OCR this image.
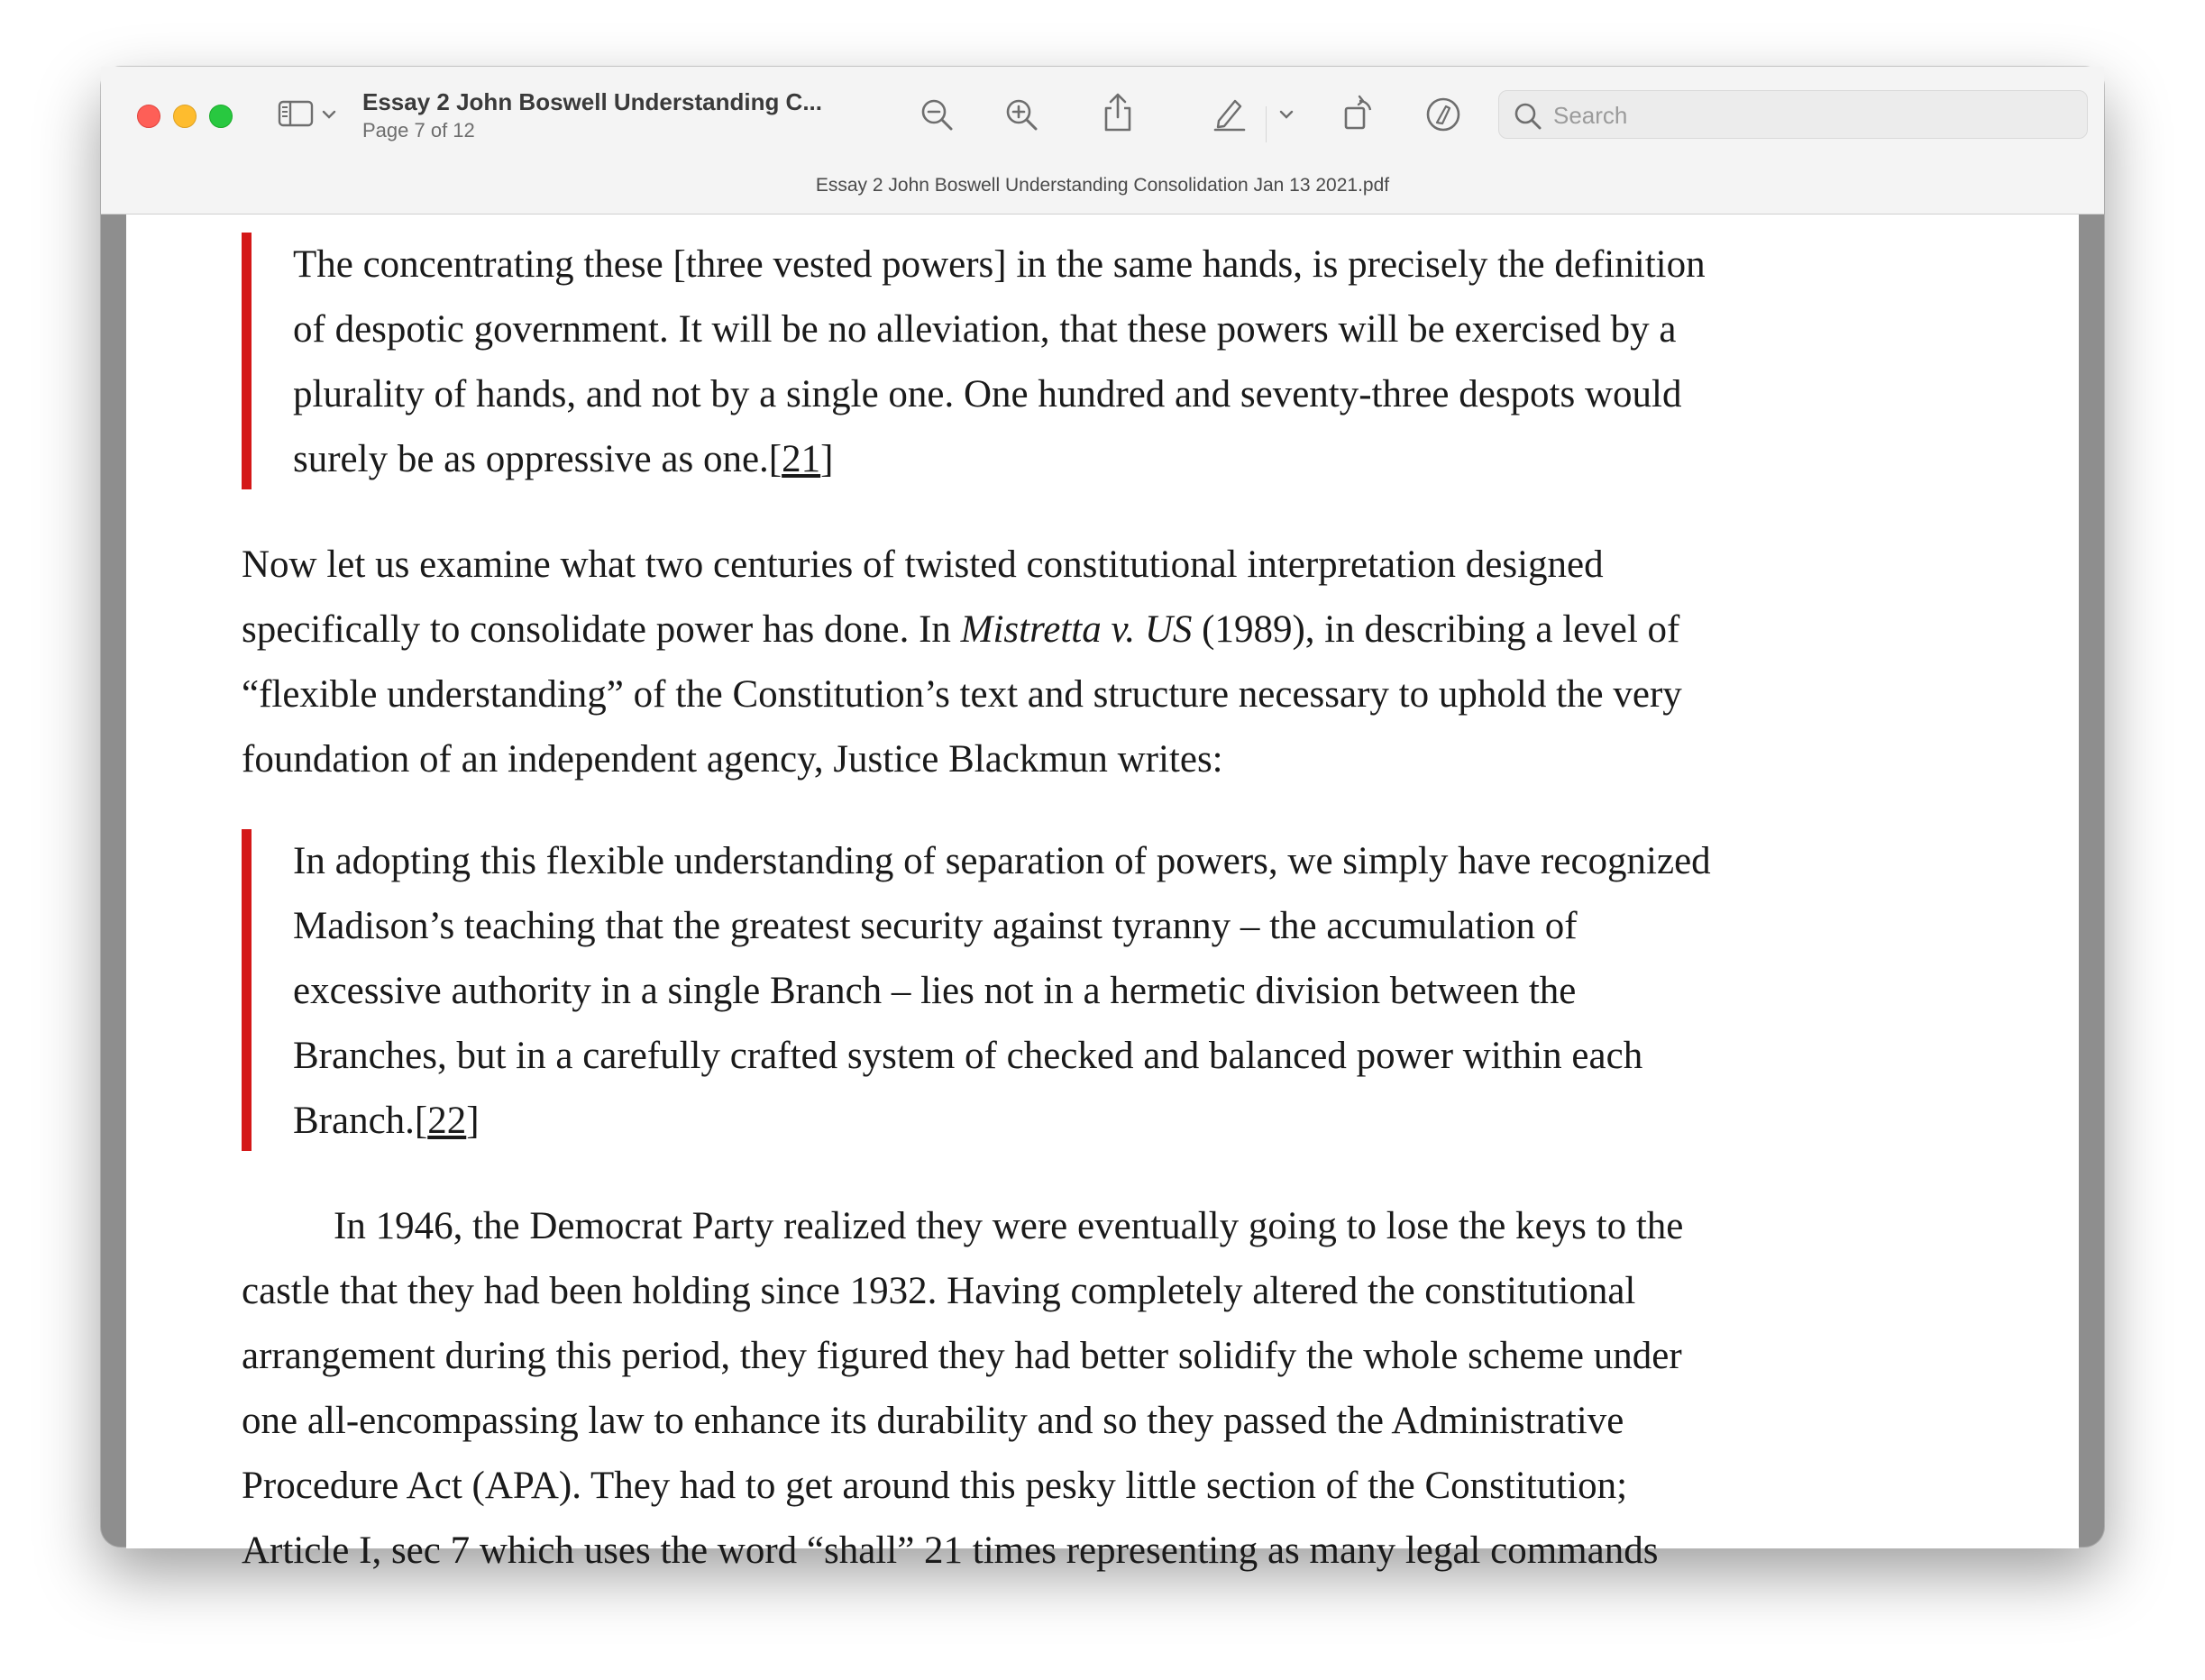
Essay 2 John Boswell Understanding C...
Page 7 of 12
Search
Essay 2 John Boswell Understanding Consolidation Jan 13 2021.pdf
The concentrating these [three vested powers] in the same hands, is precisely the definition
of despotic government. It will be no alleviation, that these powers will be exercised by a
plurality of hands, and not by a single one. One hundred and seventy-three despots would
surely be as oppressive as one.[21]
Now let us examine what two centuries of twisted constitutional interpretation designed
specifically to consolidate power has done. In Mistretta v. US (1989), in describing a level of
“flexible understanding” of the Constitution’s text and structure necessary to uphold the very
foundation of an independent agency, Justice Blackmun writes:
In adopting this flexible understanding of separation of powers, we simply have recognized
Madison’s teaching that the greatest security against tyranny – the accumulation of
excessive authority in a single Branch – lies not in a hermetic division between the
Branches, but in a carefully crafted system of checked and balanced power within each
Branch.[22]
In 1946, the Democrat Party realized they were eventually going to lose the keys to the
castle that they had been holding since 1932. Having completely altered the constitutional
arrangement during this period, they figured they had better solidify the whole scheme under
one all-encompassing law to enhance its durability and so they passed the Administrative
Procedure Act (APA). They had to get around this pesky little section of the Constitution;
Article I, sec 7 which uses the word “shall” 21 times representing as many legal commands
